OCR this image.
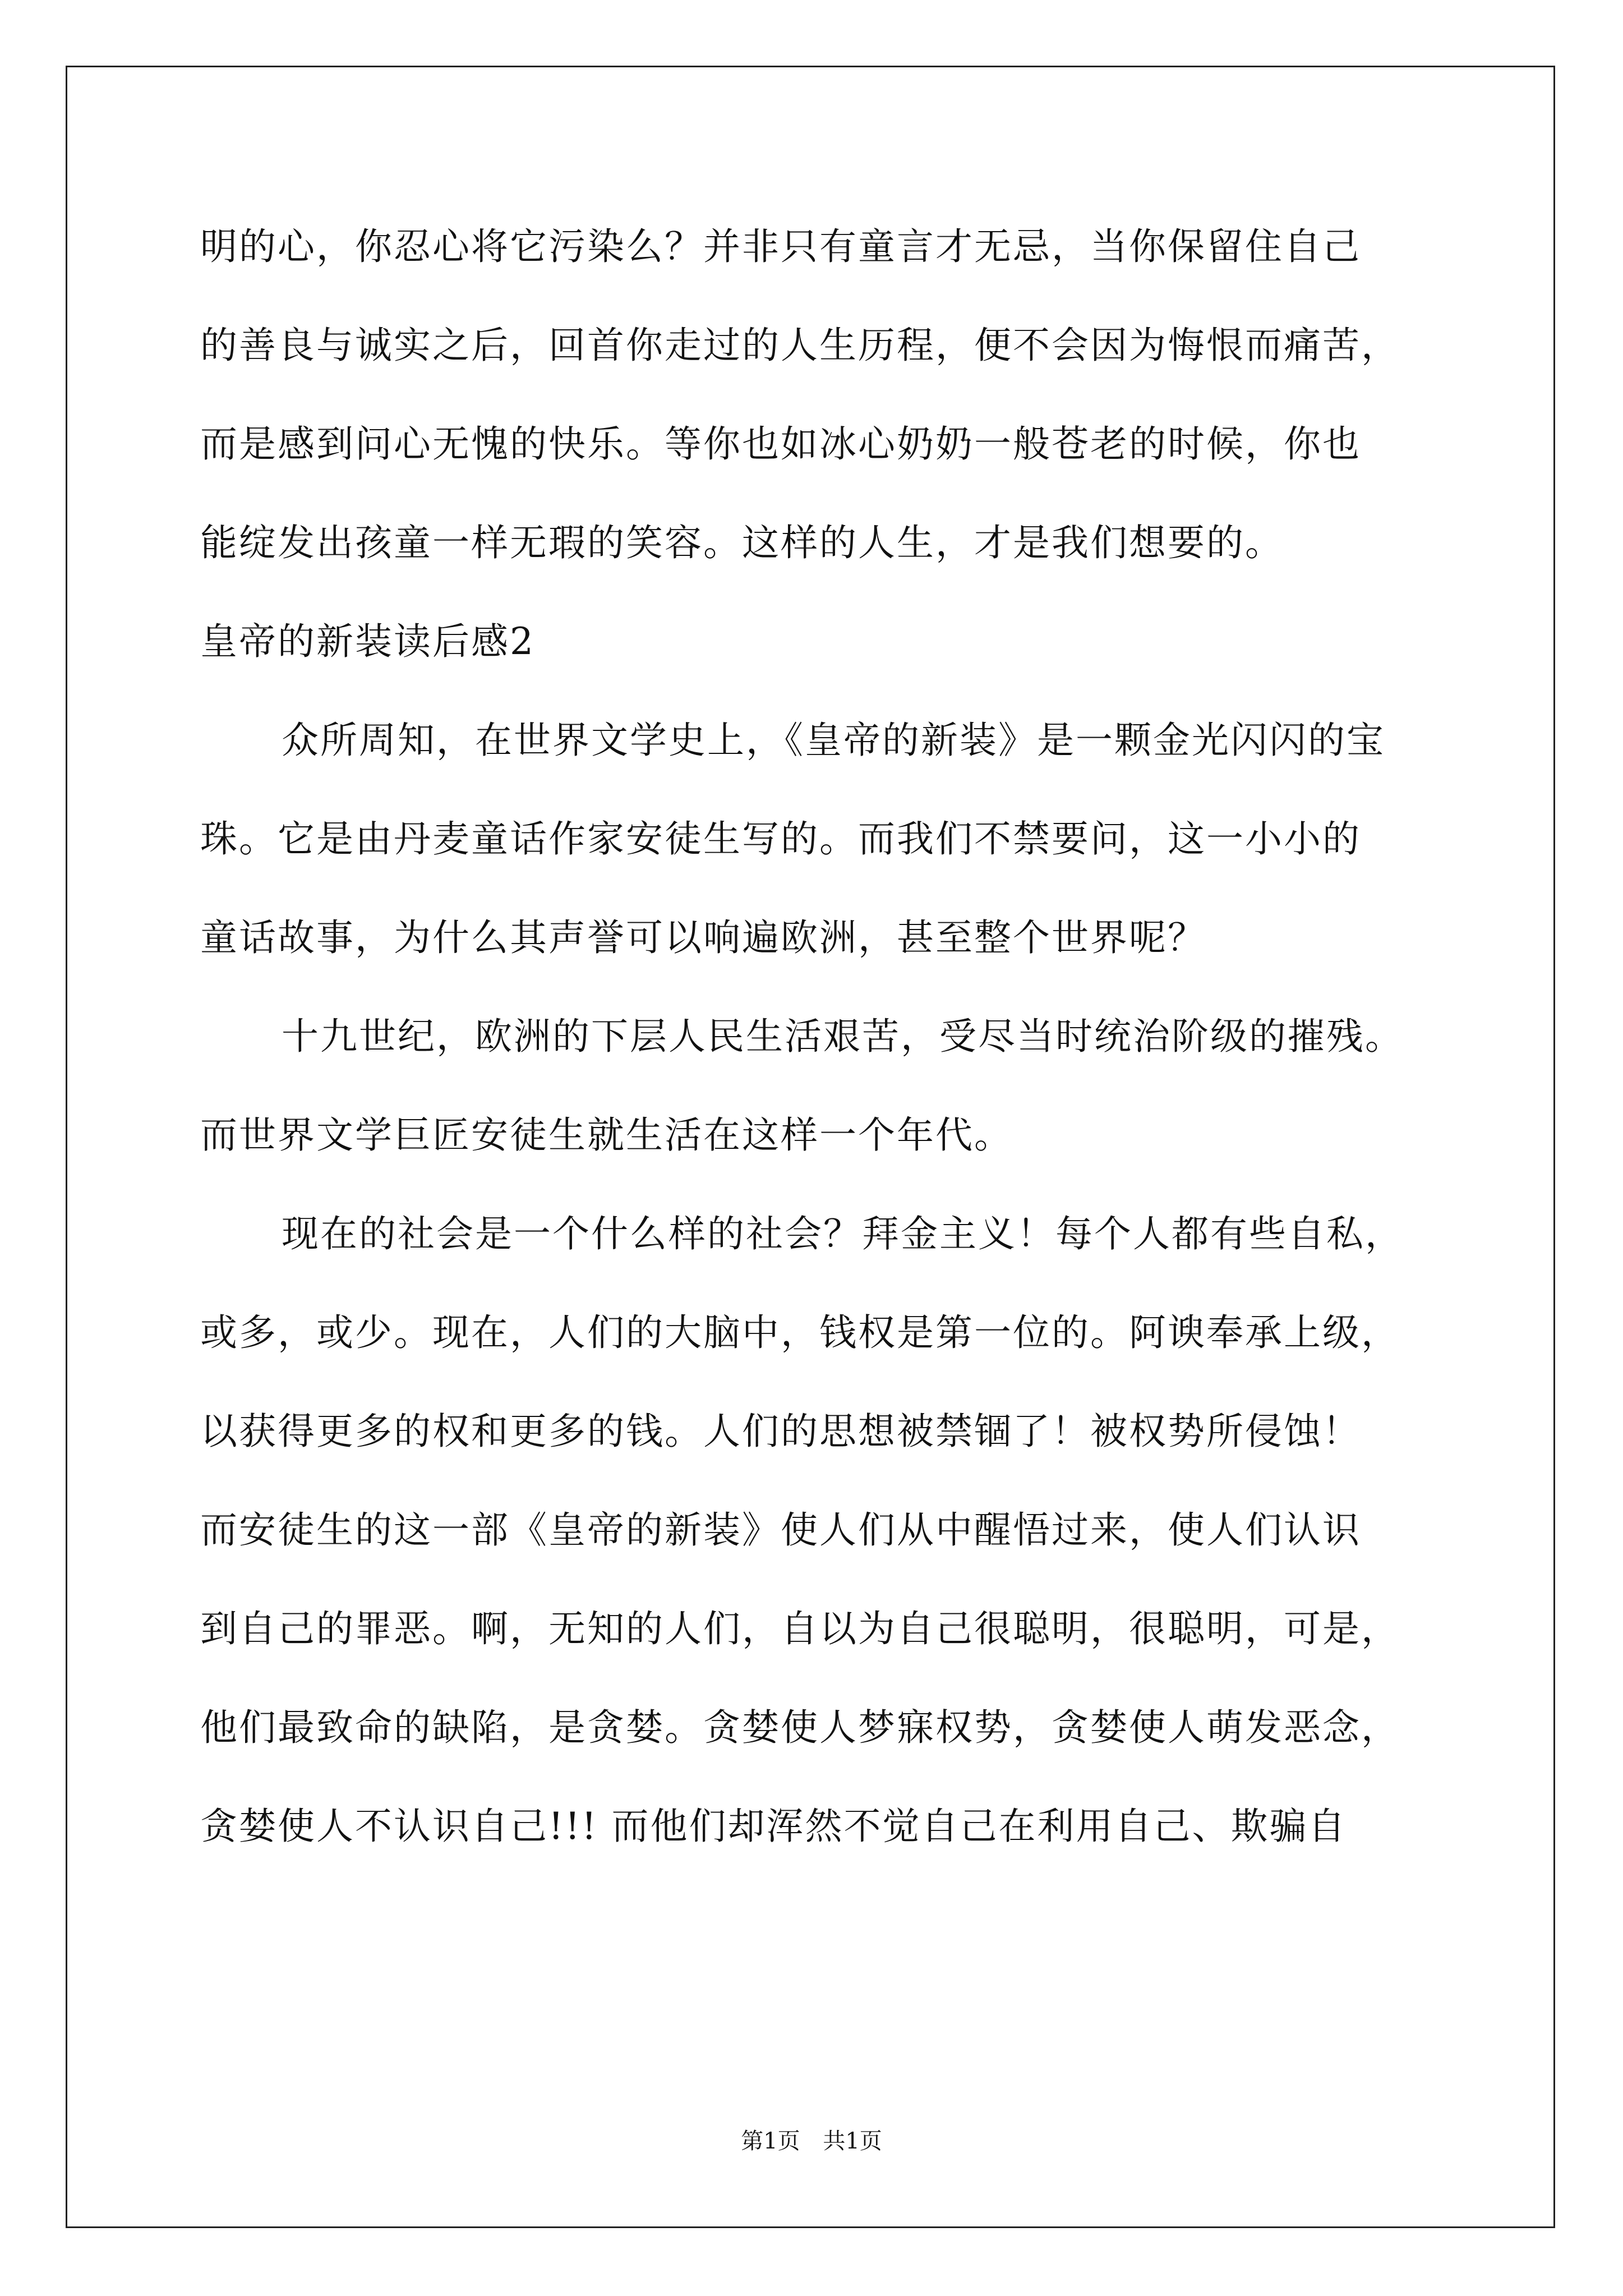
明的心，你忍心将它污染么？并非只有童言才无忌，当你保留住自己
的善良与诚实之后，回首你走过的人生历程，便不会因为悔恨而痛苦，
而是感到问心无愧的快乐。等你也如冰心奶奶一般苍老的时候，你也
能绽发出孩童一样无瑕的笑容。这样的人生，才是我们想要的。
皇帝的新装读后感2
众所周知，在世界文学史上，《皇帝的新装》是一颗金光闪闪的宝
珠。它是由丹麦童话作家安徒生写的。而我们不禁要问，这一小小的
童话故事，为什么其声誉可以响遍欧洲，甚至整个世界呢？
十九世纪，欧洲的下层人民生活艰苦，受尽当时统治阶级的摧残。
而世界文学巨匠安徒生就生活在这样一个年代。
现在的社会是一个什么样的社会？拜金主义！每个人都有些自私，
或多，或少。现在，人们的大脑中，钱权是第一位的。阿谀奉承上级，
以获得更多的权和更多的钱。人们的思想被禁锢了！被权势所侵蚀！
而安徒生的这一部《皇帝的新装》使人们从中醒悟过来，使人们认识
到自己的罪恶。啊，无知的人们，自以为自己很聪明，很聪明，可是，
他们最致命的缺陷，是贪婪。贪婪使人梦寐权势，贪婪使人萌发恶念，
贪婪使人不认识自己!!! 而他们却浑然不觉自己在利用自己、欺骗自
第1页 共1页
